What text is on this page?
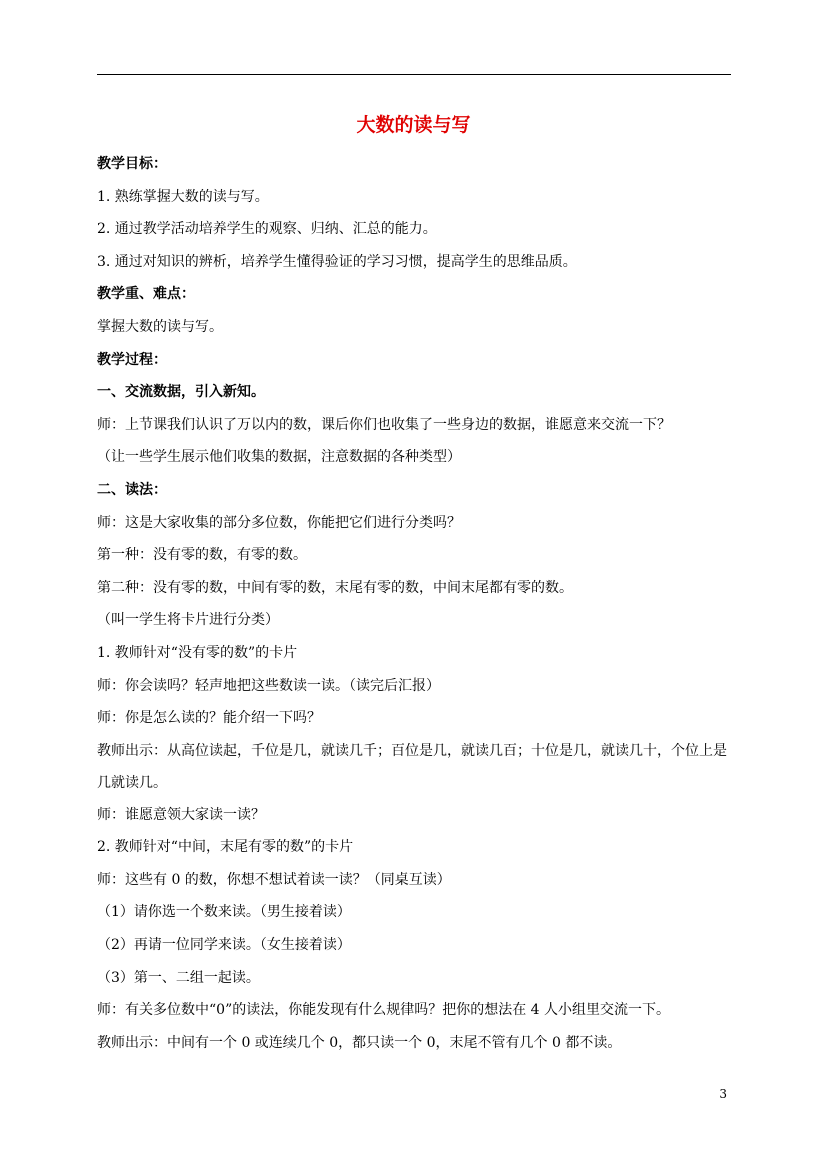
大数的读与写
教学目标：
1. 熟练掌握大数的读与写。
2. 通过教学活动培养学生的观察、归纳、汇总的能力。
3. 通过对知识的辨析，培养学生懂得验证的学习习惯，提高学生的思维品质。
教学重、难点：
掌握大数的读与写。
教学过程：
一、交流数据，引入新知。
师：上节课我们认识了万以内的数，课后你们也收集了一些身边的数据，谁愿意来交流一下？
（让一些学生展示他们收集的数据，注意数据的各种类型）
二、读法：
师：这是大家收集的部分多位数，你能把它们进行分类吗？
第一种：没有零的数，有零的数。
第二种：没有零的数，中间有零的数，末尾有零的数，中间末尾都有零的数。
（叫一学生将卡片进行分类）
1. 教师针对“没有零的数”的卡片
师：你会读吗？轻声地把这些数读一读。（读完后汇报）
师：你是怎么读的？能介绍一下吗？
教师出示：从高位读起，千位是几，就读几千；百位是几，就读几百；十位是几，就读几十，个位上是几就读几。
师：谁愿意领大家读一读？
2. 教师针对“中间，末尾有零的数”的卡片
师：这些有 0 的数，你想不想试着读一读？（同桌互读）
（1）请你选一个数来读。（男生接着读）
（2）再请一位同学来读。（女生接着读）
（3）第一、二组一起读。
师：有关多位数中“0”的读法，你能发现有什么规律吗？把你的想法在 4 人小组里交流一下。
教师出示：中间有一个 0 或连续几个 0，都只读一个 0，末尾不管有几个 0 都不读。
3
